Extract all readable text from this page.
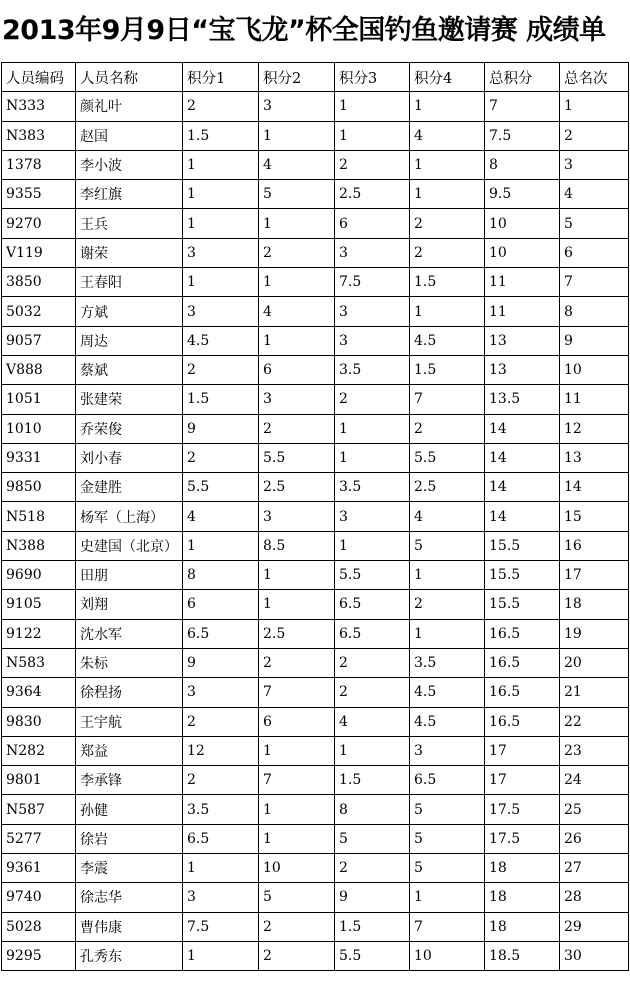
2013年9月9日“宝飞龙”杯全国钓鱼邀请赛 成绩单
人员编码	人员名称	积分1	积分2	积分3	积分4	总积分	总名次
N333	颜礼叶	2	3	1	1	7	1
N383	赵国	1.5	1	1	4	7.5	2
1378	李小波	1	4	2	1	8	3
9355	李红旗	1	5	2.5	1	9.5	4
9270	王兵	1	1	6	2	10	5
V119	谢荣	3	2	3	2	10	6
3850	王春阳	1	1	7.5	1.5	11	7
5032	方斌	3	4	3	1	11	8
9057	周达	4.5	1	3	4.5	13	9
V888	蔡斌	2	6	3.5	1.5	13	10
1051	张建荣	1.5	3	2	7	13.5	11
1010	乔荣俊	9	2	1	2	14	12
9331	刘小春	2	5.5	1	5.5	14	13
9850	金建胜	5.5	2.5	3.5	2.5	14	14
N518	杨军（上海）	4	3	3	4	14	15
N388	史建国（北京）	1	8.5	1	5	15.5	16
9690	田朋	8	1	5.5	1	15.5	17
9105	刘翔	6	1	6.5	2	15.5	18
9122	沈水军	6.5	2.5	6.5	1	16.5	19
N583	朱标	9	2	2	3.5	16.5	20
9364	徐程扬	3	7	2	4.5	16.5	21
9830	王宇航	2	6	4	4.5	16.5	22
N282	郑益	12	1	1	3	17	23
9801	李承锋	2	7	1.5	6.5	17	24
N587	孙健	3.5	1	8	5	17.5	25
5277	徐岩	6.5	1	5	5	17.5	26
9361	李震	1	10	2	5	18	27
9740	徐志华	3	5	9	1	18	28
5028	曹伟康	7.5	2	1.5	7	18	29
9295	孔秀东	1	2	5.5	10	18.5	30
